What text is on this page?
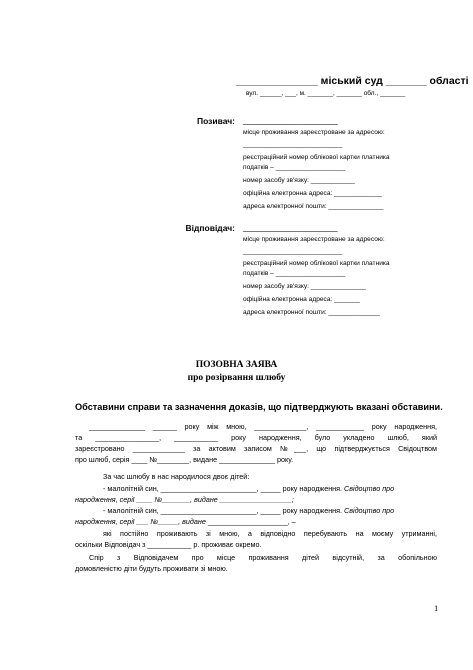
______________ міський суд _______ області
вул. ______, ___, м. _______, _______ обл., _______
Позивач: ____________________
місце проживання зареєстроване за адресою:
___________________________
реєстраційний номер облікової картки платника
податків – ___________________
номер засобу зв'язку: ____________
офіційна електронна адреса: _____________
адреса електронної пошти: _______________
Відповідач: ____________________
місце проживання зареєстроване за адресою:
___________________________
реєстраційний номер облікової картки платника
податків – ___________________
номер засобу зв'язку: _______________
офіційна електронна адреса: _______
адреса електронної пошти: ______________
ПОЗОВНА ЗАЯВА
про розірвання шлюбу
Обставини справи та зазначення доказів, що підтверджують вказані обставини.
______________ ______ року між мною, _____________, ____________ року народження,
та ________________, ___________ року народження, було укладено шлюб, який
зареєстровано _____________ за актовим записом №___, що підтверджується Свідоцтвом
про шлюб, серія ____ №________, видане ______________ року.
За час шлюбу в нас народилося двоє дітей:
- малолітній син, ________________________, _____ року народження. Свідоцтво про
народження, серії ____ №_______, видане __________________;
- малолітній син, ________________________, _____ року народження. Свідоцтво про
народження, серії ___ №_____, видане ____________________, –
які постійно проживають зі мною, а відповідно перебувають на моєму утриманні,
оскільки Відповідач з ___________ р. проживає окремо.
Спір з Відповідачем про місце проживання дітей відсутній, за обопільною
домовленістю діти будуть проживати зі мною.
1
